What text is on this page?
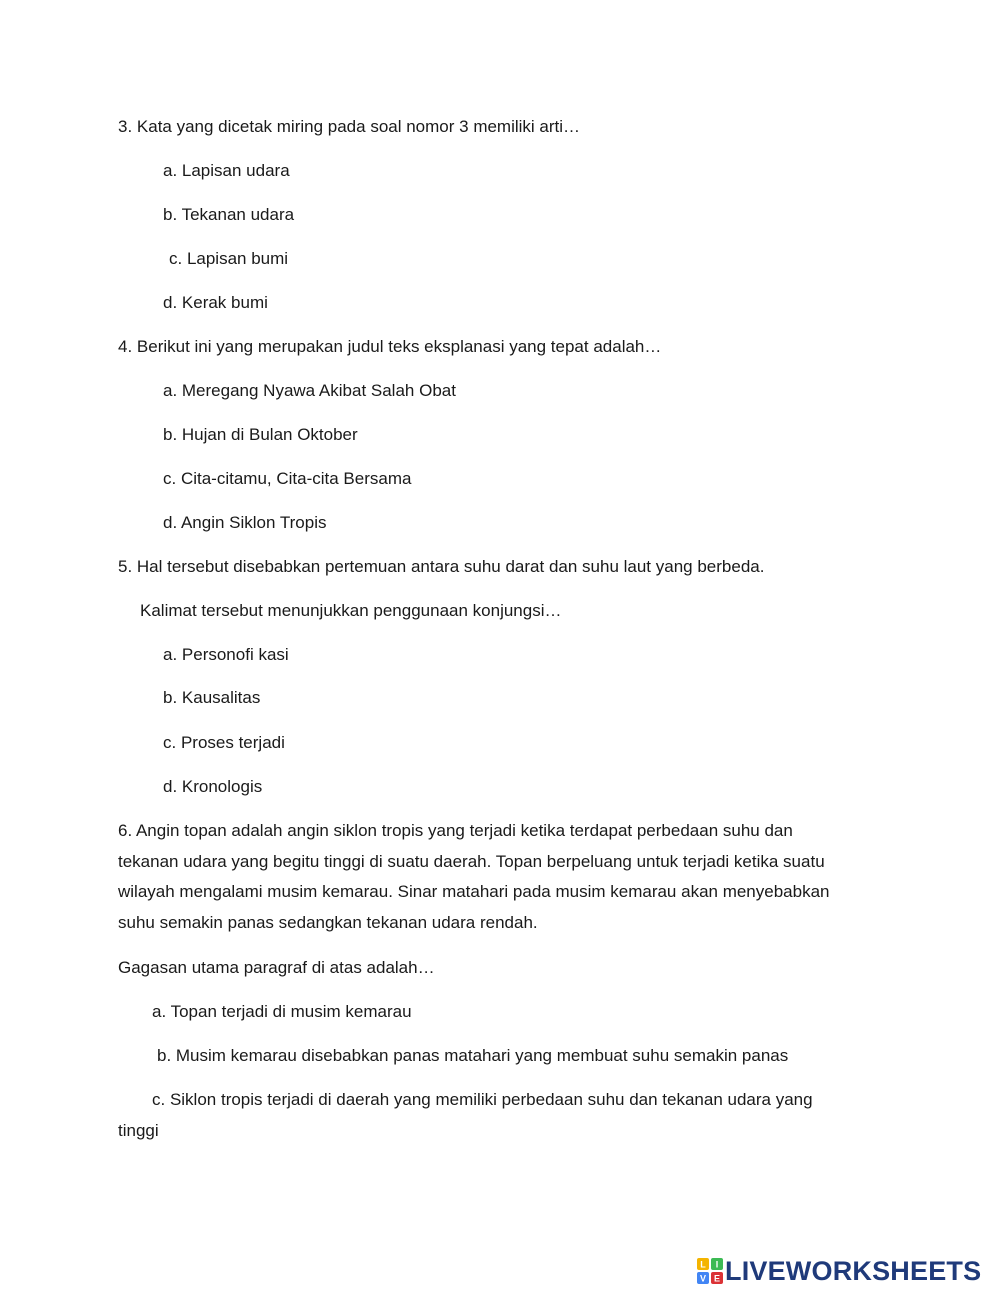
3. Kata yang dicetak miring pada soal nomor 3 memiliki arti…

a. Lapisan udara

b. Tekanan udara

c. Lapisan bumi

d. Kerak bumi

4. Berikut ini yang merupakan judul teks eksplanasi yang tepat adalah…

a. Meregang Nyawa Akibat Salah Obat

b. Hujan di Bulan Oktober

c. Cita-citamu, Cita-cita Bersama

d. Angin Siklon Tropis

5. Hal tersebut disebabkan pertemuan antara suhu darat dan suhu laut yang berbeda.

Kalimat tersebut menunjukkan penggunaan konjungsi…

a. Personofi kasi

b. Kausalitas

c. Proses terjadi

d. Kronologis

6. Angin topan adalah angin siklon tropis yang terjadi ketika terdapat perbedaan suhu dan

tekanan udara yang begitu tinggi di suatu daerah. Topan berpeluang untuk terjadi ketika suatu

wilayah mengalami musim kemarau. Sinar matahari pada musim kemarau akan menyebabkan

suhu semakin panas sedangkan tekanan udara rendah.

Gagasan utama paragraf di atas adalah…

a. Topan terjadi di musim kemarau

b. Musim kemarau disebabkan panas matahari yang membuat suhu semakin panas

c. Siklon tropis terjadi di daerah yang memiliki perbedaan suhu dan tekanan udara yang

tinggi

L I
V E LIVEWORKSHEETS
